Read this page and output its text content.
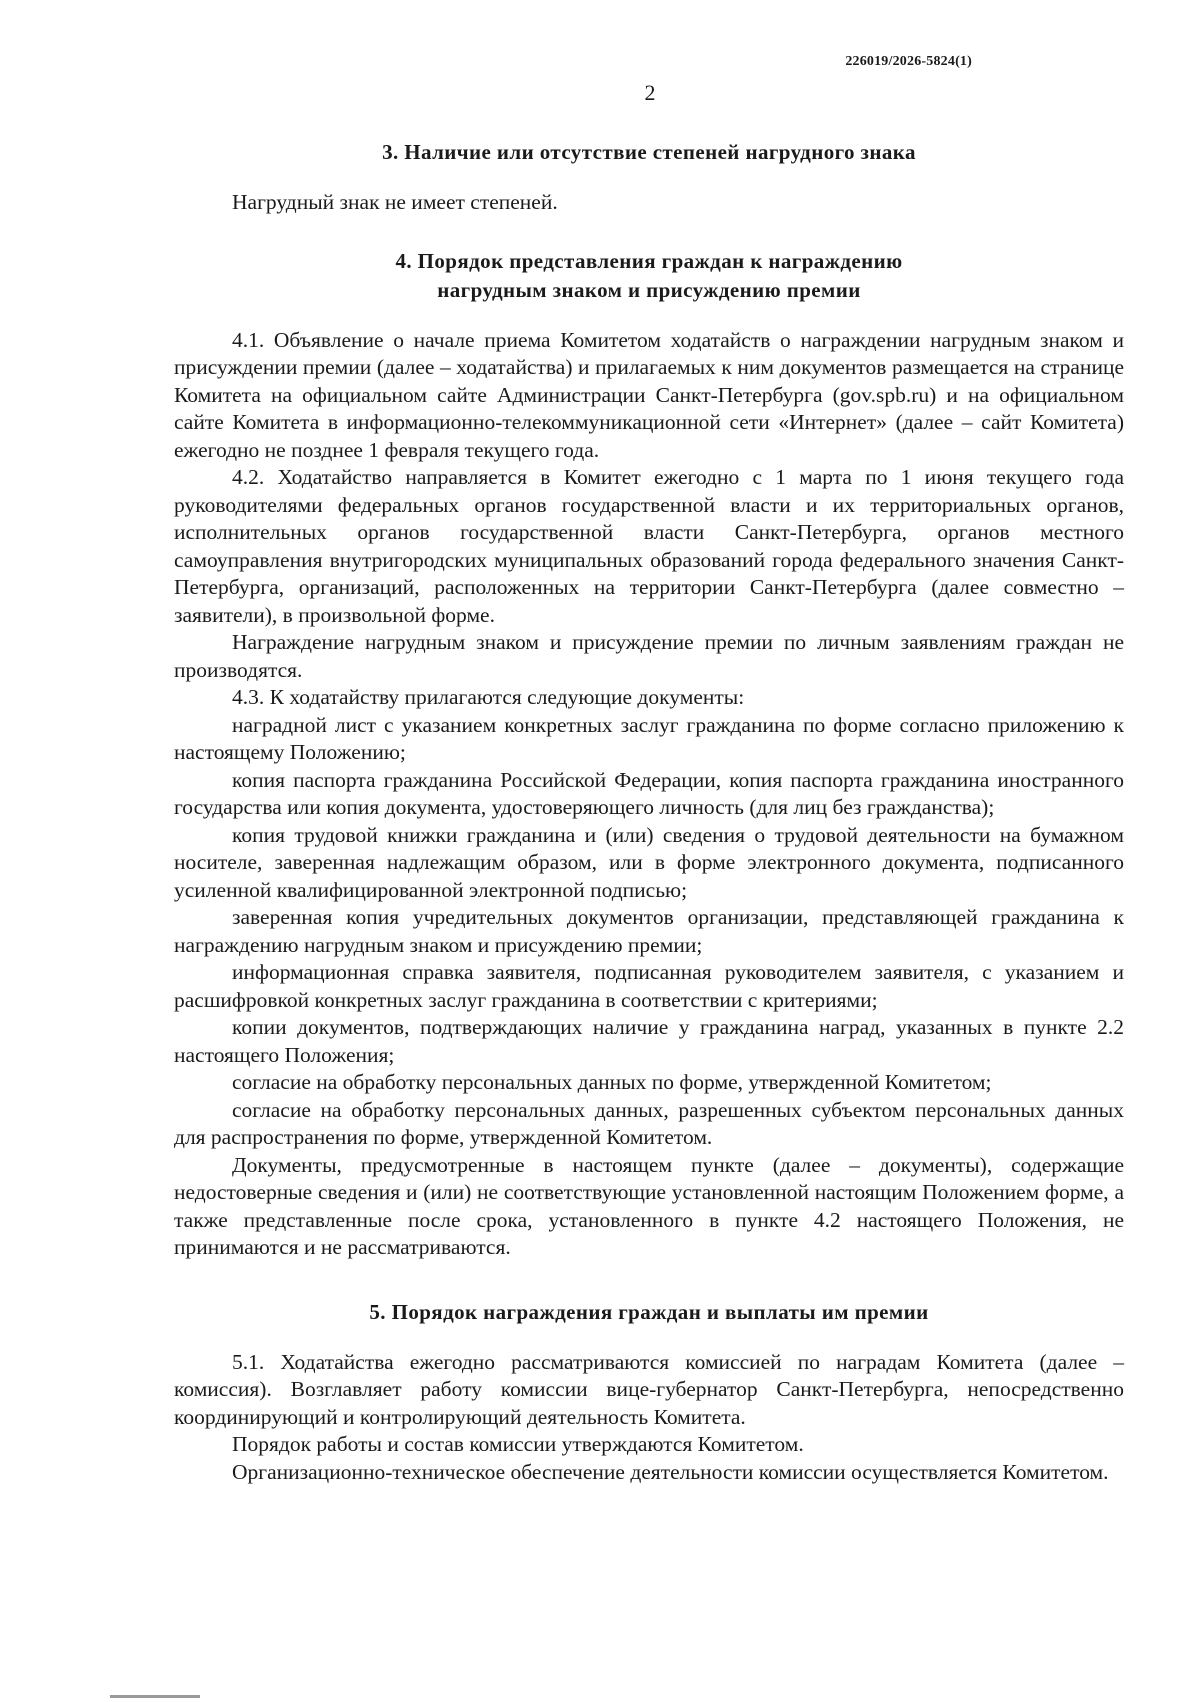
226019/2026-5824(1)
2
3. Наличие или отсутствие степеней нагрудного знака

Нагрудный знак не имеет степеней.

4. Порядок представления граждан к награждению
нагрудным знаком и присуждению премии

4.1. Объявление о начале приема Комитетом ходатайств о награждении нагрудным знаком и присуждении премии (далее – ходатайства) и прилагаемых к ним документов размещается на странице Комитета на официальном сайте Администрации Санкт-Петербурга (gov.spb.ru) и на официальном сайте Комитета в информационно-телекоммуникационной сети «Интернет» (далее – сайт Комитета) ежегодно не позднее 1 февраля текущего года.

4.2. Ходатайство направляется в Комитет ежегодно с 1 марта по 1 июня текущего года руководителями федеральных органов государственной власти и их территориальных органов, исполнительных органов государственной власти Санкт-Петербурга, органов местного самоуправления внутригородских муниципальных образований города федерального значения Санкт-Петербурга, организаций, расположенных на территории Санкт-Петербурга (далее совместно – заявители), в произвольной форме.

Награждение нагрудным знаком и присуждение премии по личным заявлениям граждан не производятся.

4.3. К ходатайству прилагаются следующие документы:

наградной лист с указанием конкретных заслуг гражданина по форме согласно приложению к настоящему Положению;

копия паспорта гражданина Российской Федерации, копия паспорта гражданина иностранного государства или копия документа, удостоверяющего личность (для лиц без гражданства);

копия трудовой книжки гражданина и (или) сведения о трудовой деятельности на бумажном носителе, заверенная надлежащим образом, или в форме электронного документа, подписанного усиленной квалифицированной электронной подписью;

заверенная копия учредительных документов организации, представляющей гражданина к награждению нагрудным знаком и присуждению премии;

информационная справка заявителя, подписанная руководителем заявителя, с указанием и расшифровкой конкретных заслуг гражданина в соответствии с критериями;

копии документов, подтверждающих наличие у гражданина наград, указанных в пункте 2.2 настоящего Положения;

согласие на обработку персональных данных по форме, утвержденной Комитетом;

согласие на обработку персональных данных, разрешенных субъектом персональных данных для распространения по форме, утвержденной Комитетом.

Документы, предусмотренные в настоящем пункте (далее – документы), содержащие недостоверные сведения и (или) не соответствующие установленной настоящим Положением форме, а также представленные после срока, установленного в пункте 4.2 настоящего Положения, не принимаются и не рассматриваются.

5. Порядок награждения граждан и выплаты им премии

5.1. Ходатайства ежегодно рассматриваются комиссией по наградам Комитета (далее – комиссия). Возглавляет работу комиссии вице-губернатор Санкт-Петербурга, непосредственно координирующий и контролирующий деятельность Комитета.

Порядок работы и состав комиссии утверждаются Комитетом.

Организационно-техническое обеспечение деятельности комиссии осуществляется Комитетом.
